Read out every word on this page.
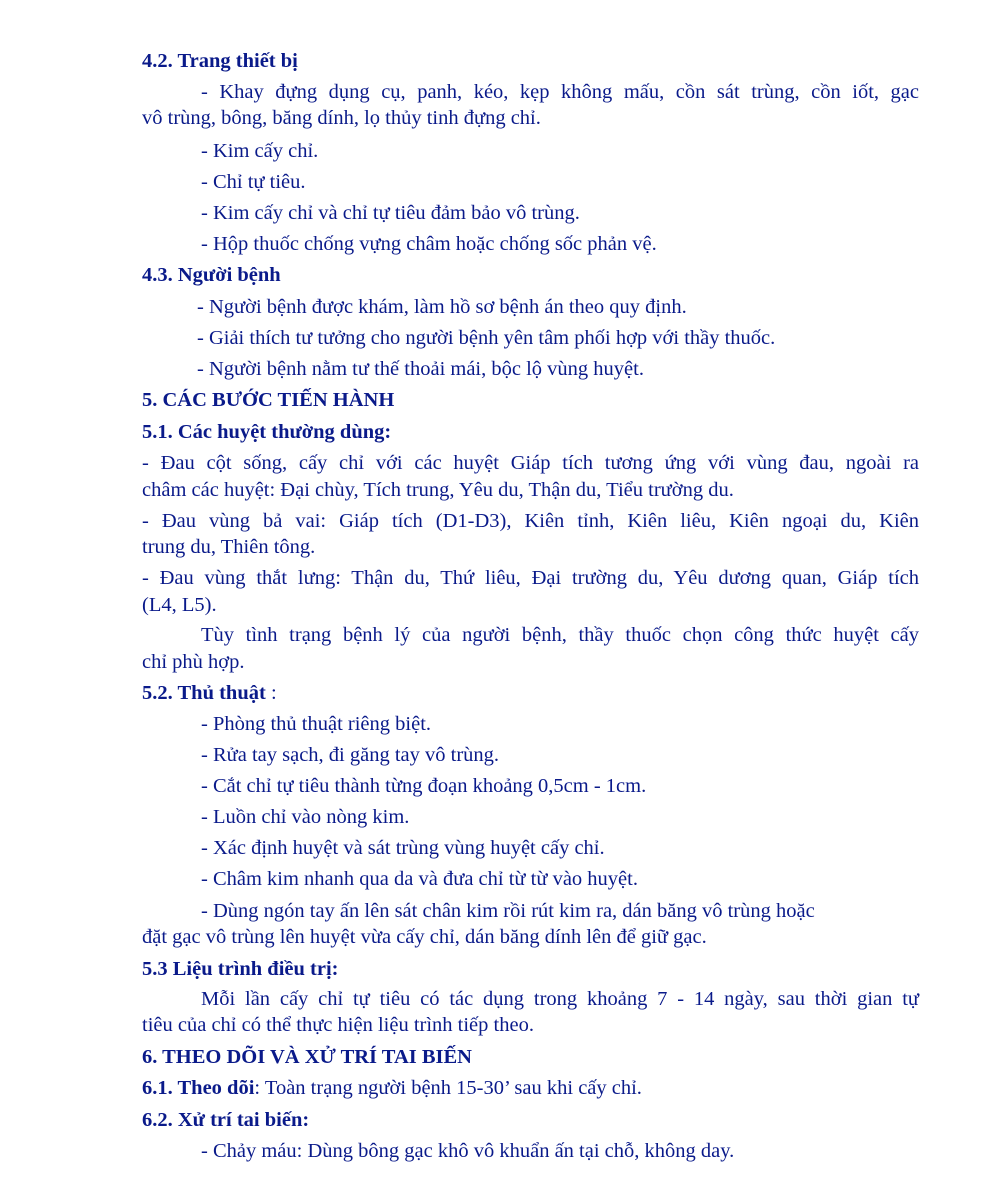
4.2. Trang thiết bị
- Khay đựng dụng cụ, panh, kéo, kẹp không mấu, cồn sát trùng, cồn iốt, gạc
vô trùng, bông, băng dính, lọ thủy tinh đựng chỉ.
- Kim cấy chỉ.
- Chỉ tự tiêu.
- Kim cấy chỉ và chỉ tự tiêu đảm bảo vô trùng.
- Hộp thuốc chống vựng châm hoặc chống sốc phản vệ.
4.3. Người bệnh
- Người bệnh được khám, làm hồ sơ bệnh án theo quy định.
- Giải thích tư tưởng cho người bệnh yên tâm phối hợp với thầy thuốc.
- Người bệnh nằm tư thế thoải mái, bộc lộ vùng huyệt.
5. CÁC BƯỚC TIẾN HÀNH
5.1. Các huyệt thường dùng:
- Đau cột sống, cấy chỉ với các huyệt Giáp tích tương ứng với vùng đau, ngoài ra
châm các huyệt: Đại chùy, Tích trung, Yêu du, Thận du, Tiểu trường du.
- Đau vùng bả vai: Giáp tích (D1-D3), Kiên tỉnh, Kiên liêu, Kiên ngoại du, Kiên
trung du, Thiên tông.
- Đau vùng thắt lưng: Thận du, Thứ liêu, Đại trường du, Yêu dương quan, Giáp tích
(L4, L5).
Tùy tình trạng bệnh lý của người bệnh, thầy thuốc chọn công thức huyệt cấy
chỉ phù hợp.
5.2. Thủ thuật :
- Phòng thủ thuật riêng biệt.
- Rửa tay sạch, đi găng tay vô trùng.
- Cắt chỉ tự tiêu thành từng đoạn khoảng 0,5cm - 1cm.
- Luồn chỉ vào nòng kim.
- Xác định huyệt và sát trùng vùng huyệt cấy chỉ.
- Châm kim nhanh qua da và đưa chỉ từ từ vào huyệt.
- Dùng ngón tay ấn lên sát chân kim rồi rút kim ra, dán băng vô trùng hoặc
đặt gạc vô trùng lên huyệt vừa cấy chỉ, dán băng dính lên để giữ gạc.
5.3 Liệu trình điều trị:
Mỗi lần cấy chỉ tự tiêu có tác dụng trong khoảng 7 - 14 ngày, sau thời gian tự
tiêu của chỉ có thể thực hiện liệu trình tiếp theo.
6. THEO DÕI VÀ XỬ TRÍ TAI BIẾN
6.1. Theo dõi: Toàn trạng người bệnh 15-30’ sau khi cấy chỉ.
6.2. Xử trí tai biến:
- Chảy máu: Dùng bông gạc khô vô khuẩn ấn tại chỗ, không day.
